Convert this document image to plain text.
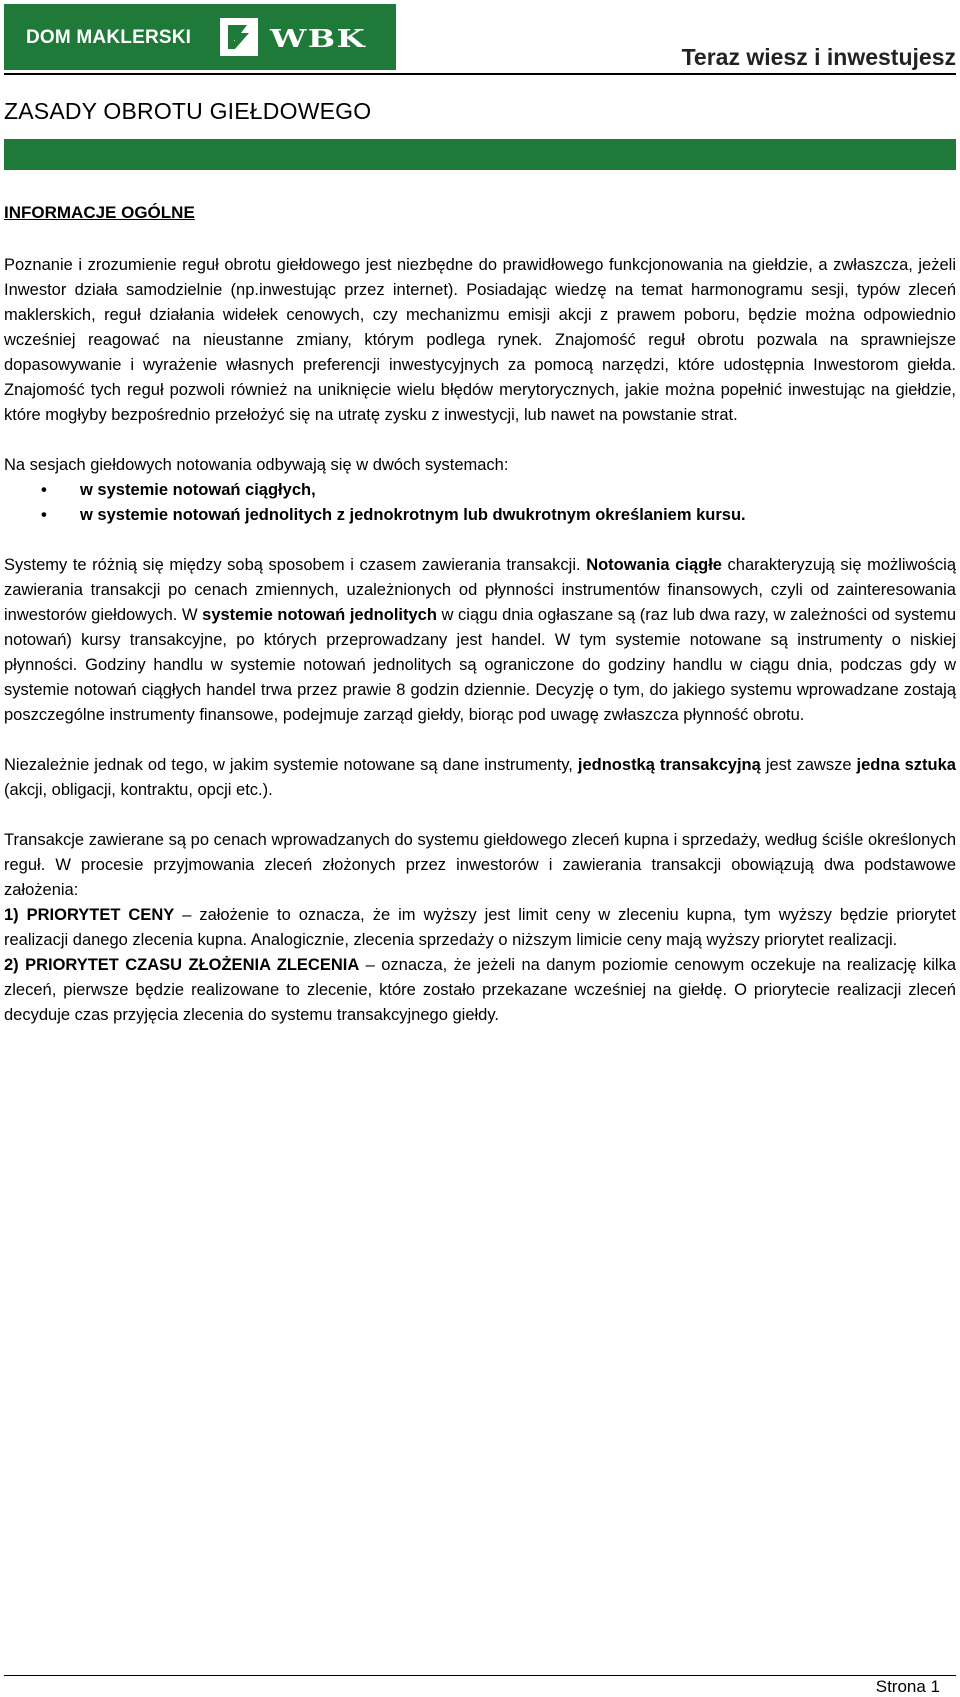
DOM MAKLERSKI	WBK
Teraz wiesz i inwestujesz
ZASADY OBROTU GIEŁDOWEGO
INFORMACJE OGÓLNE

Poznanie i zrozumienie reguł obrotu giełdowego jest niezbędne do prawidłowego funkcjonowania na giełdzie, a zwłaszcza, jeżeli Inwestor działa samodzielnie (np.inwestując przez internet). Posiadając wiedzę na temat harmonogramu sesji, typów zleceń maklerskich, reguł działania widełek cenowych, czy mechanizmu emisji akcji z prawem poboru, będzie można odpowiednio wcześniej reagować na nieustanne zmiany, którym podlega rynek. Znajomość reguł obrotu pozwala na sprawniejsze dopasowywanie i wyrażenie własnych preferencji inwestycyjnych za pomocą narzędzi, które udostępnia Inwestorom giełda. Znajomość tych reguł pozwoli również na uniknięcie wielu błędów merytorycznych, jakie można popełnić inwestując na giełdzie, które mogłyby bezpośrednio przełożyć się na utratę zysku z inwestycji, lub nawet na powstanie strat.

Na sesjach giełdowych notowania odbywają się w dwóch systemach:

• w systemie notowań ciągłych,
• w systemie notowań jednolitych z jednokrotnym lub dwukrotnym określaniem kursu.

Systemy te różnią się między sobą sposobem i czasem zawierania transakcji. Notowania ciągłe charakteryzują się możliwością zawierania transakcji po cenach zmiennych, uzależnionych od płynności instrumentów finansowych, czyli od zainteresowania inwestorów giełdowych. W systemie notowań jednolitych w ciągu dnia ogłaszane są (raz lub dwa razy, w zależności od systemu notowań) kursy transakcyjne, po których przeprowadzany jest handel. W tym systemie notowane są instrumenty o niskiej płynności. Godziny handlu w systemie notowań jednolitych są ograniczone do godziny handlu w ciągu dnia, podczas gdy w systemie notowań ciągłych handel trwa przez prawie 8 godzin dziennie. Decyzję o tym, do jakiego systemu wprowadzane zostają poszczególne instrumenty finansowe, podejmuje zarząd giełdy, biorąc pod uwagę zwłaszcza płynność obrotu.

Niezależnie jednak od tego, w jakim systemie notowane są dane instrumenty, jednostką transakcyjną jest zawsze jedna sztuka (akcji, obligacji, kontraktu, opcji etc.).

Transakcje zawierane są po cenach wprowadzanych do systemu giełdowego zleceń kupna i sprzedaży, według ściśle określonych reguł. W procesie przyjmowania zleceń złożonych przez inwestorów i zawierania transakcji obowiązują dwa podstawowe założenia:

1) PRIORYTET CENY – założenie to oznacza, że im wyższy jest limit ceny w zleceniu kupna, tym wyższy będzie priorytet realizacji danego zlecenia kupna. Analogicznie, zlecenia sprzedaży o niższym limicie ceny mają wyższy priorytet realizacji.

2) PRIORYTET CZASU ZŁOŻENIA ZLECENIA – oznacza, że jeżeli na danym poziomie cenowym oczekuje na realizację kilka zleceń, pierwsze będzie realizowane to zlecenie, które zostało przekazane wcześniej na giełdę. O priorytecie realizacji zleceń decyduje czas przyjęcia zlecenia do systemu transakcyjnego giełdy.

Strona 1
